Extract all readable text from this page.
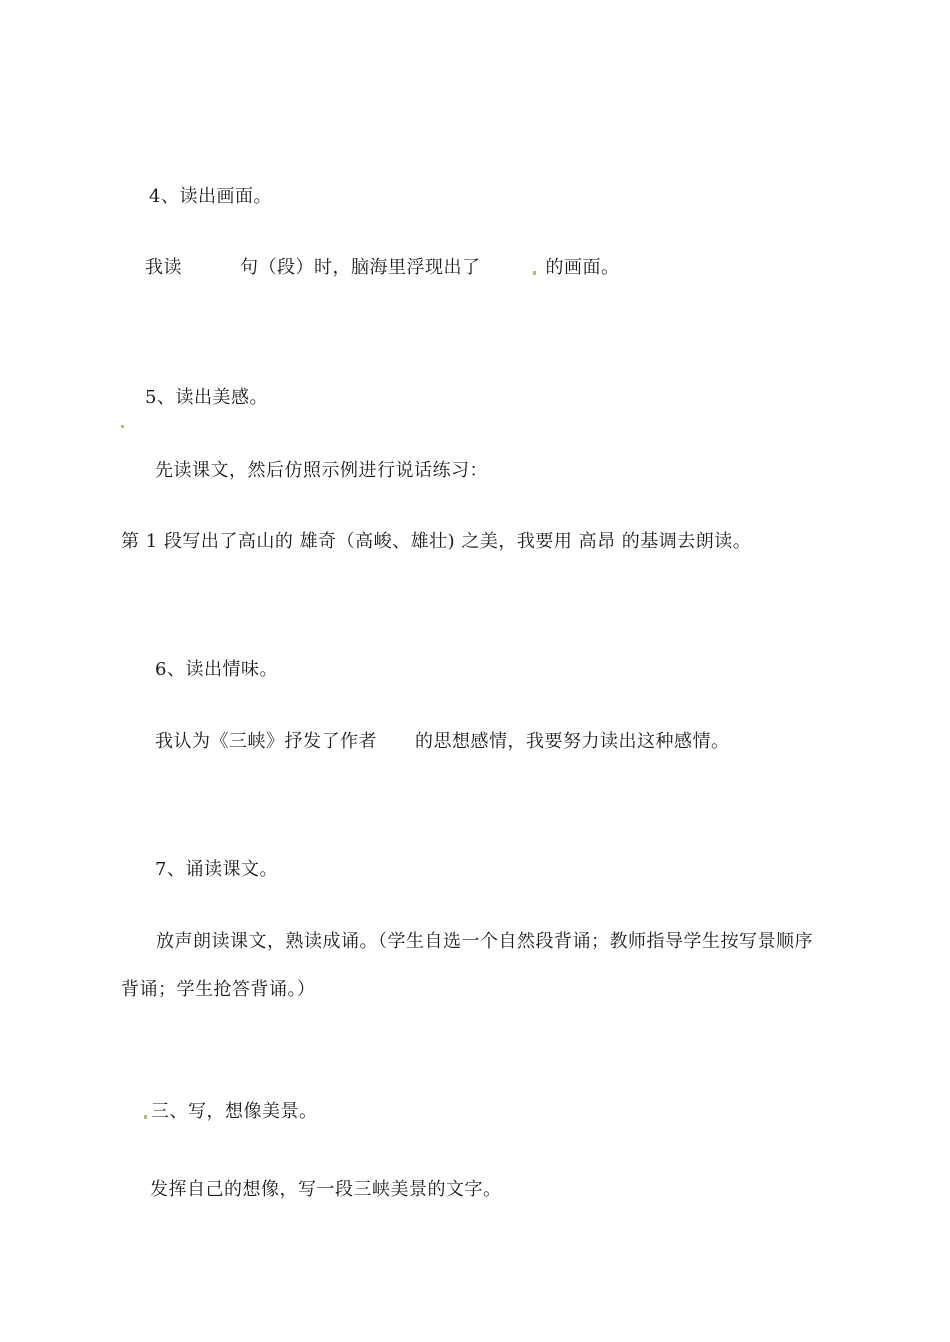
4、读出画面。
我读	句（段）时，脑海里浮现出了	的画面。
5、读出美感。
先读课文，然后仿照示例进行说话练习：
第 1 段写出了高山的 雄奇（高峻、雄壮) 之美，我要用 高昂 的基调去朗读。
6、读出情味。
我认为《三峡》抒发了作者 的思想感情，我要努力读出这种感情。
7、诵读课文。
放声朗读课文，熟读成诵。（学生自选一个自然段背诵；教师指导学生按写景顺序
背诵；学生抢答背诵。）
三、写，想像美景。
发挥自己的想像，写一段三峡美景的文字。
